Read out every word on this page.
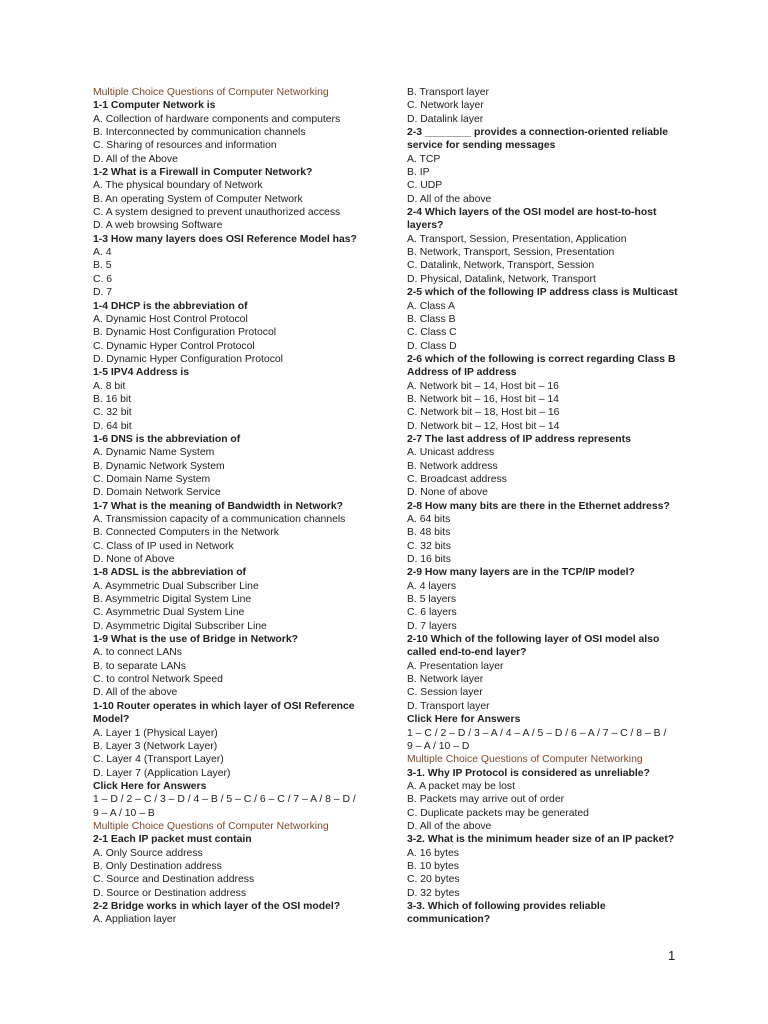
Multiple Choice Questions of Computer Networking
1-1 Computer Network is
A. Collection of hardware components and computers
B. Interconnected by communication channels
C. Sharing of resources and information
D. All of the Above
1-2 What is a Firewall in Computer Network?
A. The physical boundary of Network
B. An operating System of Computer Network
C. A system designed to prevent unauthorized access
D. A web browsing Software
1-3 How many layers does OSI Reference Model has?
A. 4
B. 5
C. 6
D. 7
1-4 DHCP is the abbreviation of
A. Dynamic Host Control Protocol
B. Dynamic Host Configuration Protocol
C. Dynamic Hyper Control Protocol
D. Dynamic Hyper Configuration Protocol
1-5 IPV4 Address is
A. 8 bit
B. 16 bit
C. 32 bit
D. 64 bit
1-6 DNS is the abbreviation of
A. Dynamic Name System
B. Dynamic Network System
C. Domain Name System
D. Domain Network Service
1-7 What is the meaning of Bandwidth in Network?
A. Transmission capacity of a communication channels
B. Connected Computers in the Network
C. Class of IP used in Network
D. None of Above
1-8 ADSL is the abbreviation of
A. Asymmetric Dual Subscriber Line
B. Asymmetric Digital System Line
C. Asymmetric Dual System Line
D. Asymmetric Digital Subscriber Line
1-9 What is the use of Bridge in Network?
A. to connect LANs
B. to separate LANs
C. to control Network Speed
D. All of the above
1-10 Router operates in which layer of OSI Reference
Model?
A. Layer 1 (Physical Layer)
B. Layer 3 (Network Layer)
C. Layer 4 (Transport Layer)
D. Layer 7 (Application Layer)
Click Here for Answers
1 – D / 2 – C / 3 – D / 4 – B / 5 – C / 6 – C / 7 – A / 8 – D /
9 – A / 10 – B
Multiple Choice Questions of Computer Networking
2-1 Each IP packet must contain
A. Only Source address
B. Only Destination address
C. Source and Destination address
D. Source or Destination address
2-2 Bridge works in which layer of the OSI model?
A. Appliation layer
B. Transport layer
C. Network layer
D. Datalink layer
2-3 ________ provides a connection-oriented reliable
service for sending messages
A. TCP
B. IP
C. UDP
D. All of the above
2-4 Which layers of the OSI model are host-to-host
layers?
A. Transport, Session, Presentation, Application
B. Network, Transport, Session, Presentation
C. Datalink, Network, Transport, Session
D. Physical, Datalink, Network, Transport
2-5 which of the following IP address class is Multicast
A. Class A
B. Class B
C. Class C
D. Class D
2-6 which of the following is correct regarding Class B
Address of IP address
A. Network bit – 14, Host bit – 16
B. Network bit – 16, Host bit – 14
C. Network bit – 18, Host bit – 16
D. Network bit – 12, Host bit – 14
2-7 The last address of IP address represents
A. Unicast address
B. Network address
C. Broadcast address
D. None of above
2-8 How many bits are there in the Ethernet address?
A. 64 bits
B. 48 bits
C. 32 bits
D. 16 bits
2-9 How many layers are in the TCP/IP model?
A. 4 layers
B. 5 layers
C. 6 layers
D. 7 layers
2-10 Which of the following layer of OSI model also
called end-to-end layer?
A. Presentation layer
B. Network layer
C. Session layer
D. Transport layer
Click Here for Answers
1 – C / 2 – D / 3 – A / 4 – A / 5 – D / 6 – A / 7 – C / 8 – B /
9 – A / 10 – D
Multiple Choice Questions of Computer Networking
3-1. Why IP Protocol is considered as unreliable?
A. A packet may be lost
B. Packets may arrive out of order
C. Duplicate packets may be generated
D. All of the above
3-2. What is the minimum header size of an IP packet?
A. 16 bytes
B. 10 bytes
C. 20 bytes
D. 32 bytes
3-3. Which of following provides reliable
communication?
1
